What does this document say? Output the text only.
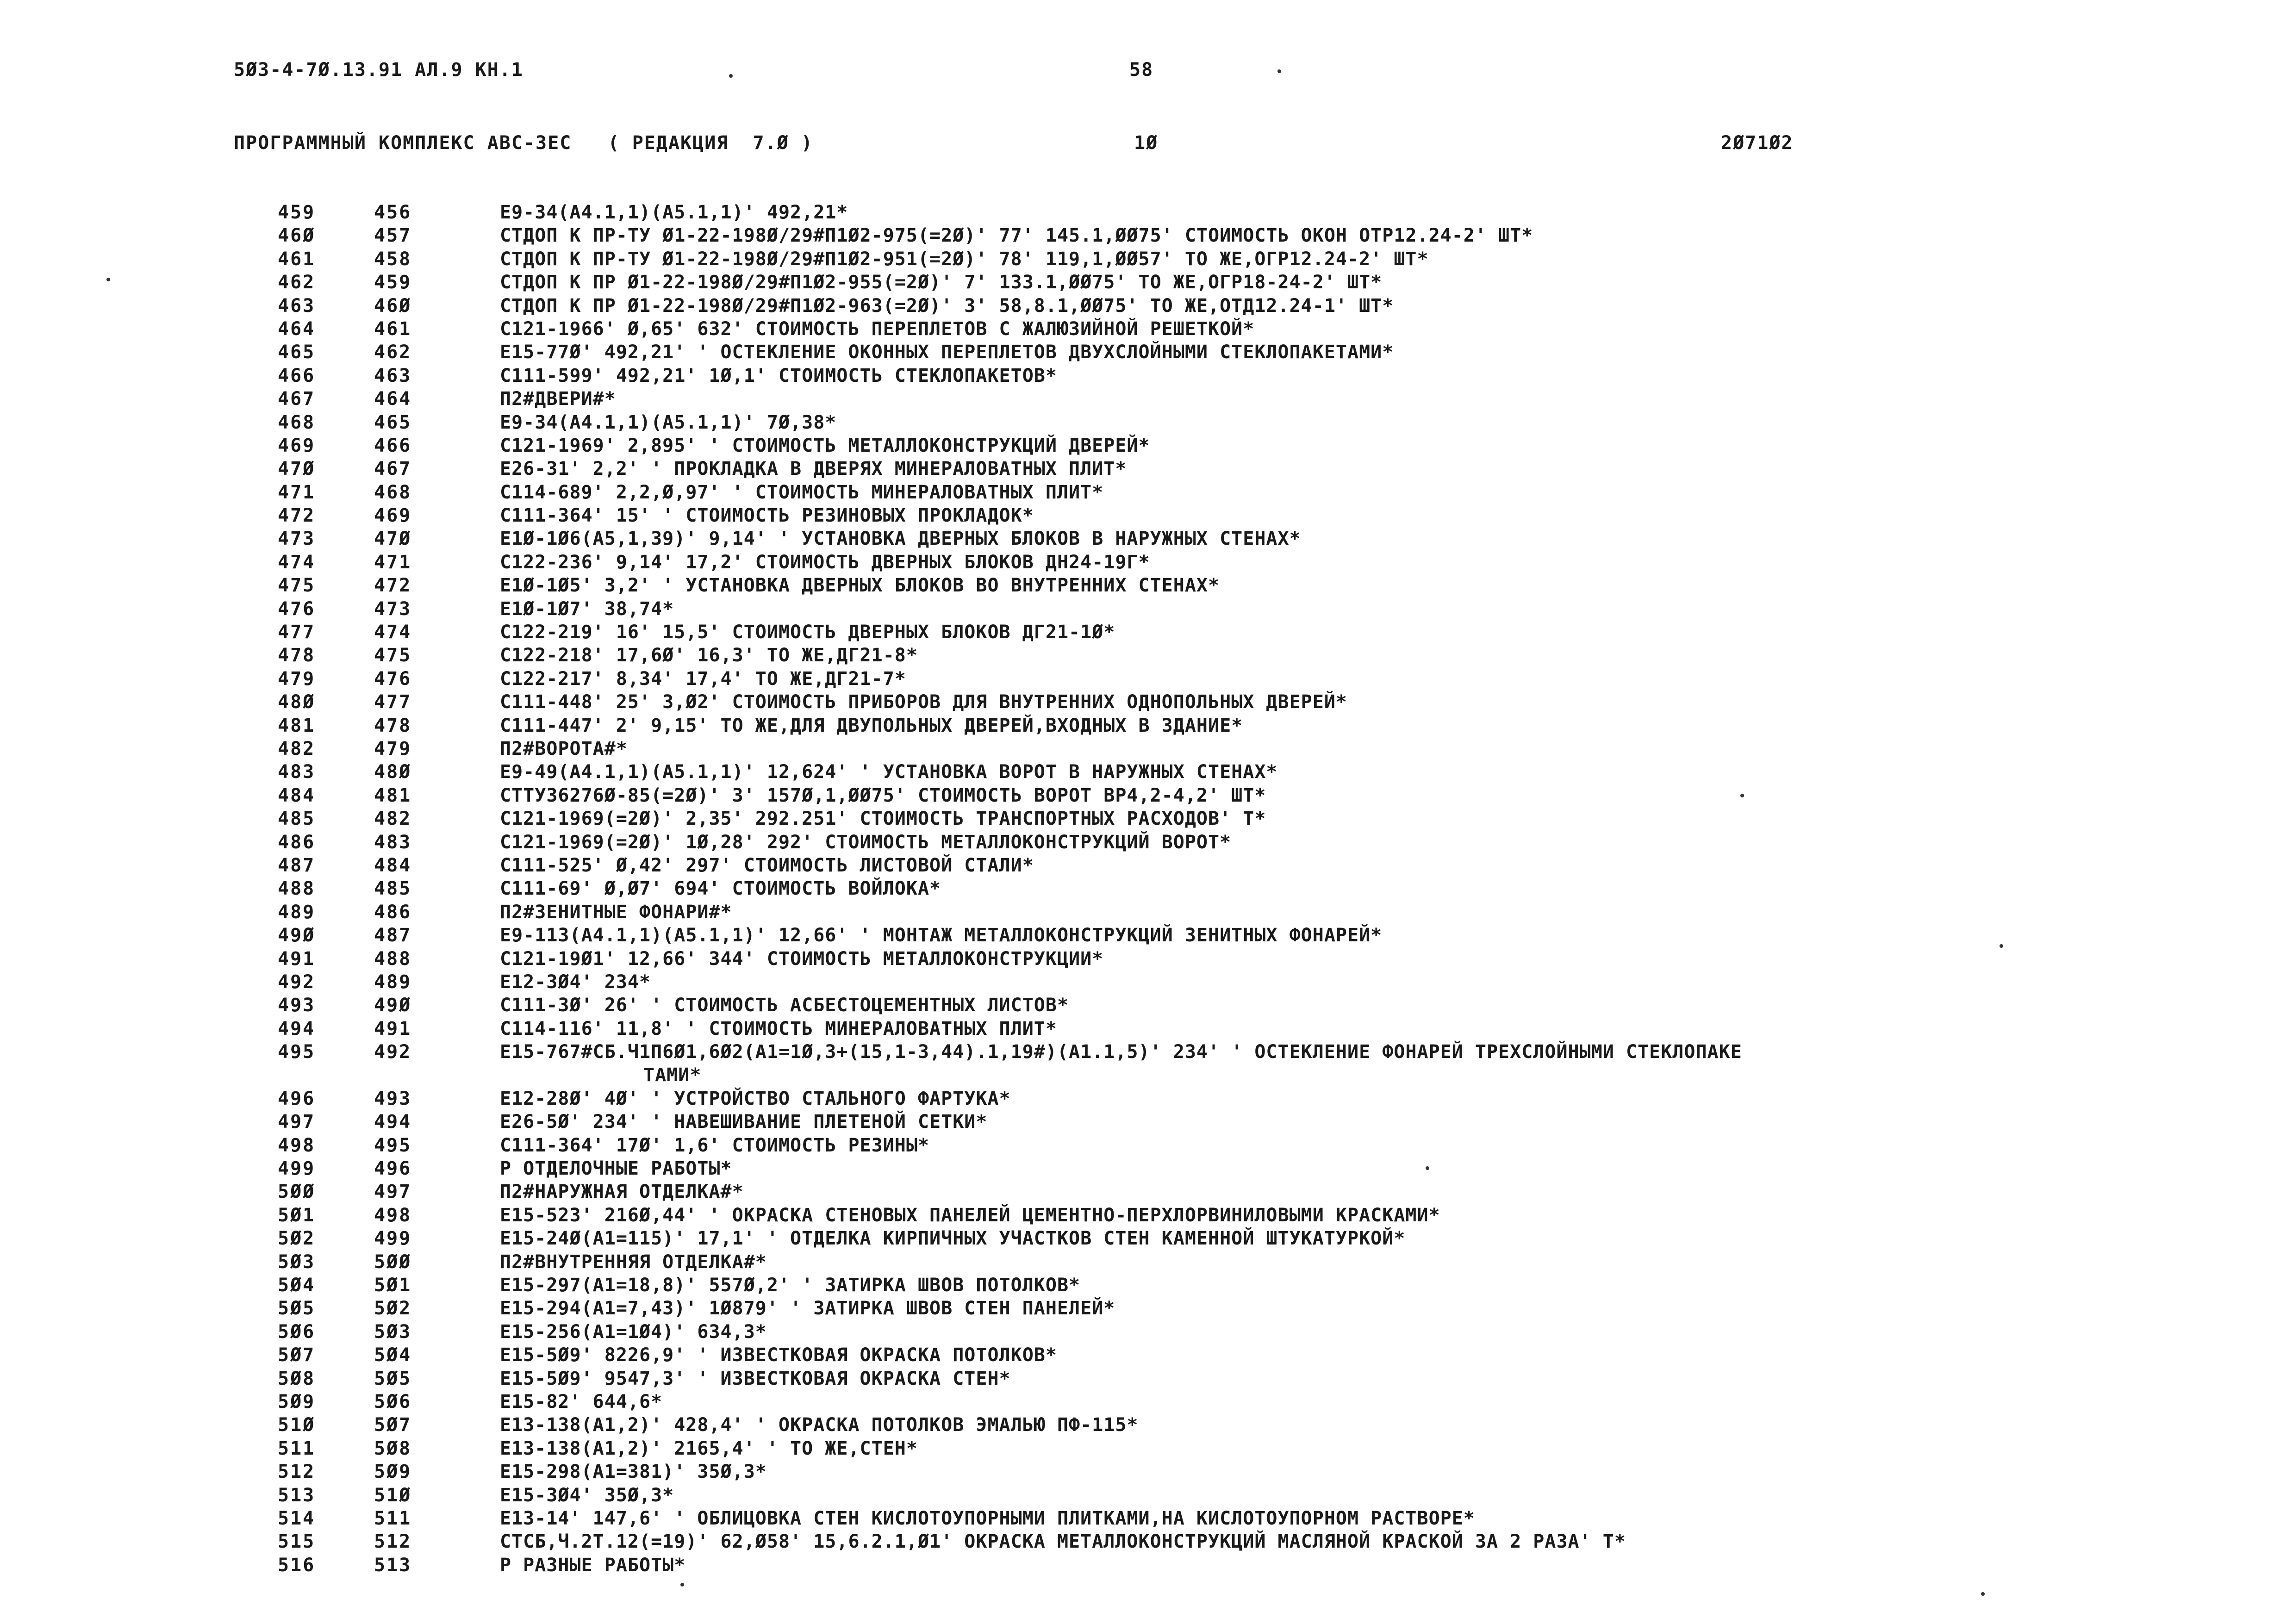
5Ø3-4-7Ø.13.91 АЛ.9 КН.1	58
ПРОГРАММНЫЙ КОМПЛЕКС АВС-3ЕС   ( РЕДАКЦИЯ  7.Ø )	1Ø	2Ø71Ø2
459	456	Е9-34(А4.1,1)(А5.1,1)' 492,21*
46Ø	457	СТДОП К ПР-ТУ Ø1-22-198Ø/29#П1Ø2-975(=2Ø)' 77' 145.1,ØØ75' СТОИМОСТЬ ОКОН ОТР12.24-2' ШТ*
461	458	СТДОП К ПР-ТУ Ø1-22-198Ø/29#П1Ø2-951(=2Ø)' 78' 119,1,ØØ57' ТО ЖЕ,ОГР12.24-2' ШТ*
462	459	СТДОП К ПР Ø1-22-198Ø/29#П1Ø2-955(=2Ø)' 7' 133.1,ØØ75' ТО ЖЕ,ОГР18-24-2' ШТ*
463	46Ø	СТДОП К ПР Ø1-22-198Ø/29#П1Ø2-963(=2Ø)' 3' 58,8.1,ØØ75' ТО ЖЕ,ОТД12.24-1' ШТ*
464	461	С121-1966' Ø,65' 632' СТОИМОСТЬ ПЕРЕПЛЕТОВ С ЖАЛЮЗИЙНОЙ РЕШЕТКОЙ*
465	462	Е15-77Ø' 492,21' ' ОСТЕКЛЕНИЕ ОКОННЫХ ПЕРЕПЛЕТОВ ДВУХСЛОЙНЫМИ СТЕКЛОПАКЕТАМИ*
466	463	С111-599' 492,21' 1Ø,1' СТОИМОСТЬ СТЕКЛОПАКЕТОВ*
467	464	П2#ДВЕРИ#*
468	465	Е9-34(А4.1,1)(А5.1,1)' 7Ø,38*
469	466	С121-1969' 2,895' ' СТОИМОСТЬ МЕТАЛЛОКОНСТРУКЦИЙ ДВЕРЕЙ*
47Ø	467	Е26-31' 2,2' ' ПРОКЛАДКА В ДВЕРЯХ МИНЕРАЛОВАТНЫХ ПЛИТ*
471	468	С114-689' 2,2,Ø,97' ' СТОИМОСТЬ МИНЕРАЛОВАТНЫХ ПЛИТ*
472	469	С111-364' 15' ' СТОИМОСТЬ РЕЗИНОВЫХ ПРОКЛАДОК*
473	47Ø	Е1Ø-1Ø6(А5,1,39)' 9,14' ' УСТАНОВКА ДВЕРНЫХ БЛОКОВ В НАРУЖНЫХ СТЕНАХ*
474	471	С122-236' 9,14' 17,2' СТОИМОСТЬ ДВЕРНЫХ БЛОКОВ ДН24-19Г*
475	472	Е1Ø-1Ø5' 3,2' ' УСТАНОВКА ДВЕРНЫХ БЛОКОВ ВО ВНУТРЕННИХ СТЕНАХ*
476	473	Е1Ø-1Ø7' 38,74*
477	474	С122-219' 16' 15,5' СТОИМОСТЬ ДВЕРНЫХ БЛОКОВ ДГ21-1Ø*
478	475	С122-218' 17,6Ø' 16,3' ТО ЖЕ,ДГ21-8*
479	476	С122-217' 8,34' 17,4' ТО ЖЕ,ДГ21-7*
48Ø	477	С111-448' 25' 3,Ø2' СТОИМОСТЬ ПРИБОРОВ ДЛЯ ВНУТРЕННИХ ОДНОПОЛЬНЫХ ДВЕРЕЙ*
481	478	С111-447' 2' 9,15' ТО ЖЕ,ДЛЯ ДВУПОЛЬНЫХ ДВЕРЕЙ,ВХОДНЫХ В ЗДАНИЕ*
482	479	П2#ВОРОТА#*
483	48Ø	Е9-49(А4.1,1)(А5.1,1)' 12,624' ' УСТАНОВКА ВОРОТ В НАРУЖНЫХ СТЕНАХ*
484	481	СТТУ36276Ø-85(=2Ø)' 3' 157Ø,1,ØØ75' СТОИМОСТЬ ВОРОТ ВР4,2-4,2' ШТ*
485	482	С121-1969(=2Ø)' 2,35' 292.251' СТОИМОСТЬ ТРАНСПОРТНЫХ РАСХОДОВ' Т*
486	483	С121-1969(=2Ø)' 1Ø,28' 292' СТОИМОСТЬ МЕТАЛЛОКОНСТРУКЦИЙ ВОРОТ*
487	484	С111-525' Ø,42' 297' СТОИМОСТЬ ЛИСТОВОЙ СТАЛИ*
488	485	С111-69' Ø,Ø7' 694' СТОИМОСТЬ ВОЙЛОКА*
489	486	П2#ЗЕНИТНЫЕ ФОНАРИ#*
49Ø	487	Е9-113(А4.1,1)(А5.1,1)' 12,66' ' МОНТАЖ МЕТАЛЛОКОНСТРУКЦИЙ ЗЕНИТНЫХ ФОНАРЕЙ*
491	488	С121-19Ø1' 12,66' 344' СТОИМОСТЬ МЕТАЛЛОКОНСТРУКЦИИ*
492	489	Е12-3Ø4' 234*
493	49Ø	С111-3Ø' 26' ' СТОИМОСТЬ АСБЕСТОЦЕМЕНТНЫХ ЛИСТОВ*
494	491	С114-116' 11,8' ' СТОИМОСТЬ МИНЕРАЛОВАТНЫХ ПЛИТ*
495	492	Е15-767#СБ.Ч1П6Ø1,6Ø2(А1=1Ø,3+(15,1-3,44).1,19#)(А1.1,5)' 234' ' ОСТЕКЛЕНИЕ ФОНАРЕЙ ТРЕХСЛОЙНЫМИ СТЕКЛОПАКЕ
ТАМИ*
496	493	Е12-28Ø' 4Ø' ' УСТРОЙСТВО СТАЛЬНОГО ФАРТУКА*
497	494	Е26-5Ø' 234' ' НАВЕШИВАНИЕ ПЛЕТЕНОЙ СЕТКИ*
498	495	С111-364' 17Ø' 1,6' СТОИМОСТЬ РЕЗИНЫ*
499	496	Р ОТДЕЛОЧНЫЕ РАБОТЫ*
5ØØ	497	П2#НАРУЖНАЯ ОТДЕЛКА#*
5Ø1	498	Е15-523' 216Ø,44' ' ОКРАСКА СТЕНОВЫХ ПАНЕЛЕЙ ЦЕМЕНТНО-ПЕРХЛОРВИНИЛОВЫМИ КРАСКАМИ*
5Ø2	499	Е15-24Ø(А1=115)' 17,1' ' ОТДЕЛКА КИРПИЧНЫХ УЧАСТКОВ СТЕН КАМЕННОЙ ШТУКАТУРКОЙ*
5Ø3	5ØØ	П2#ВНУТРЕННЯЯ ОТДЕЛКА#*
5Ø4	5Ø1	Е15-297(А1=18,8)' 557Ø,2' ' ЗАТИРКА ШВОВ ПОТОЛКОВ*
5Ø5	5Ø2	Е15-294(А1=7,43)' 1Ø879' ' ЗАТИРКА ШВОВ СТЕН ПАНЕЛЕЙ*
5Ø6	5Ø3	Е15-256(А1=1Ø4)' 634,3*
5Ø7	5Ø4	Е15-5Ø9' 8226,9' ' ИЗВЕСТКОВАЯ ОКРАСКА ПОТОЛКОВ*
5Ø8	5Ø5	Е15-5Ø9' 9547,3' ' ИЗВЕСТКОВАЯ ОКРАСКА СТЕН*
5Ø9	5Ø6	Е15-82' 644,6*
51Ø	5Ø7	Е13-138(А1,2)' 428,4' ' ОКРАСКА ПОТОЛКОВ ЭМАЛЬЮ ПФ-115*
511	5Ø8	Е13-138(А1,2)' 2165,4' ' ТО ЖЕ,СТЕН*
512	5Ø9	Е15-298(А1=381)' 35Ø,3*
513	51Ø	Е15-3Ø4' 35Ø,3*
514	511	Е13-14' 147,6' ' ОБЛИЦОВКА СТЕН КИСЛОТОУПОРНЫМИ ПЛИТКАМИ,НА КИСЛОТОУПОРНОМ РАСТВОРЕ*
515	512	СТСБ,Ч.2Т.12(=19)' 62,Ø58' 15,6.2.1,Ø1' ОКРАСКА МЕТАЛЛОКОНСТРУКЦИЙ МАСЛЯНОЙ КРАСКОЙ ЗА 2 РАЗА' Т*
516	513	Р РАЗНЫЕ РАБОТЫ*
